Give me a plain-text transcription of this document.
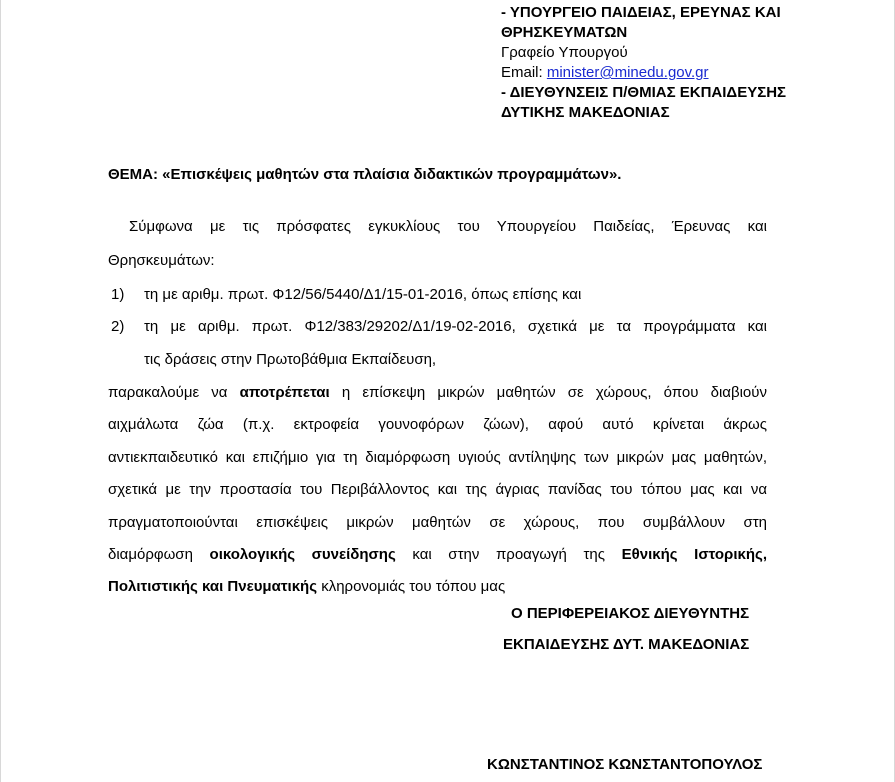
- ΥΠΟΥΡΓΕΙΟ ΠΑΙΔΕΙΑΣ, ΕΡΕΥΝΑΣ ΚΑΙ
ΘΡΗΣΚΕΥΜΑΤΩΝ
Γραφείο Υπουργού
Email: minister@minedu.gov.gr
- ΔΙΕΥΘΥΝΣΕΙΣ Π/ΘΜΙΑΣ ΕΚΠΑΙΔΕΥΣΗΣ
ΔΥΤΙΚΗΣ ΜΑΚΕΔΟΝΙΑΣ
ΘΕΜΑ: «Επισκέψεις μαθητών στα πλαίσια διδακτικών προγραμμάτων».
Σύμφωνα με τις πρόσφατες εγκυκλίους του Υπουργείου Παιδείας, Έρευνας και
Θρησκευμάτων:
1) τη με αριθμ. πρωτ. Φ12/56/5440/Δ1/15-01-2016, όπως επίσης και
2) τη με αριθμ. πρωτ. Φ12/383/29202/Δ1/19-02-2016, σχετικά με τα προγράμματα και
τις δράσεις στην Πρωτοβάθμια Εκπαίδευση,
παρακαλούμε να αποτρέπεται η επίσκεψη μικρών μαθητών σε χώρους, όπου διαβιούν
αιχμάλωτα ζώα (π.χ. εκτροφεία γουνοφόρων ζώων), αφού αυτό κρίνεται άκρως
αντιεκπαιδευτικό και επιζήμιο για τη διαμόρφωση υγιούς αντίληψης των μικρών μας μαθητών,
σχετικά με την προστασία του Περιβάλλοντος και της άγριας πανίδας του τόπου μας και να
πραγματοποιούνται επισκέψεις μικρών μαθητών σε χώρους, που συμβάλλουν στη
διαμόρφωση οικολογικής συνείδησης και στην προαγωγή της Εθνικής Ιστορικής,
Πολιτιστικής και Πνευματικής κληρονομιάς του τόπου μας
Ο ΠΕΡΙΦΕΡΕΙΑΚΟΣ ΔΙΕΥΘΥΝΤΗΣ
ΕΚΠΑΙΔΕΥΣΗΣ ΔΥΤ. ΜΑΚΕΔΟΝΙΑΣ
ΚΩΝΣΤΑΝΤΙΝΟΣ ΚΩΝΣΤΑΝΤΟΠΟΥΛΟΣ
